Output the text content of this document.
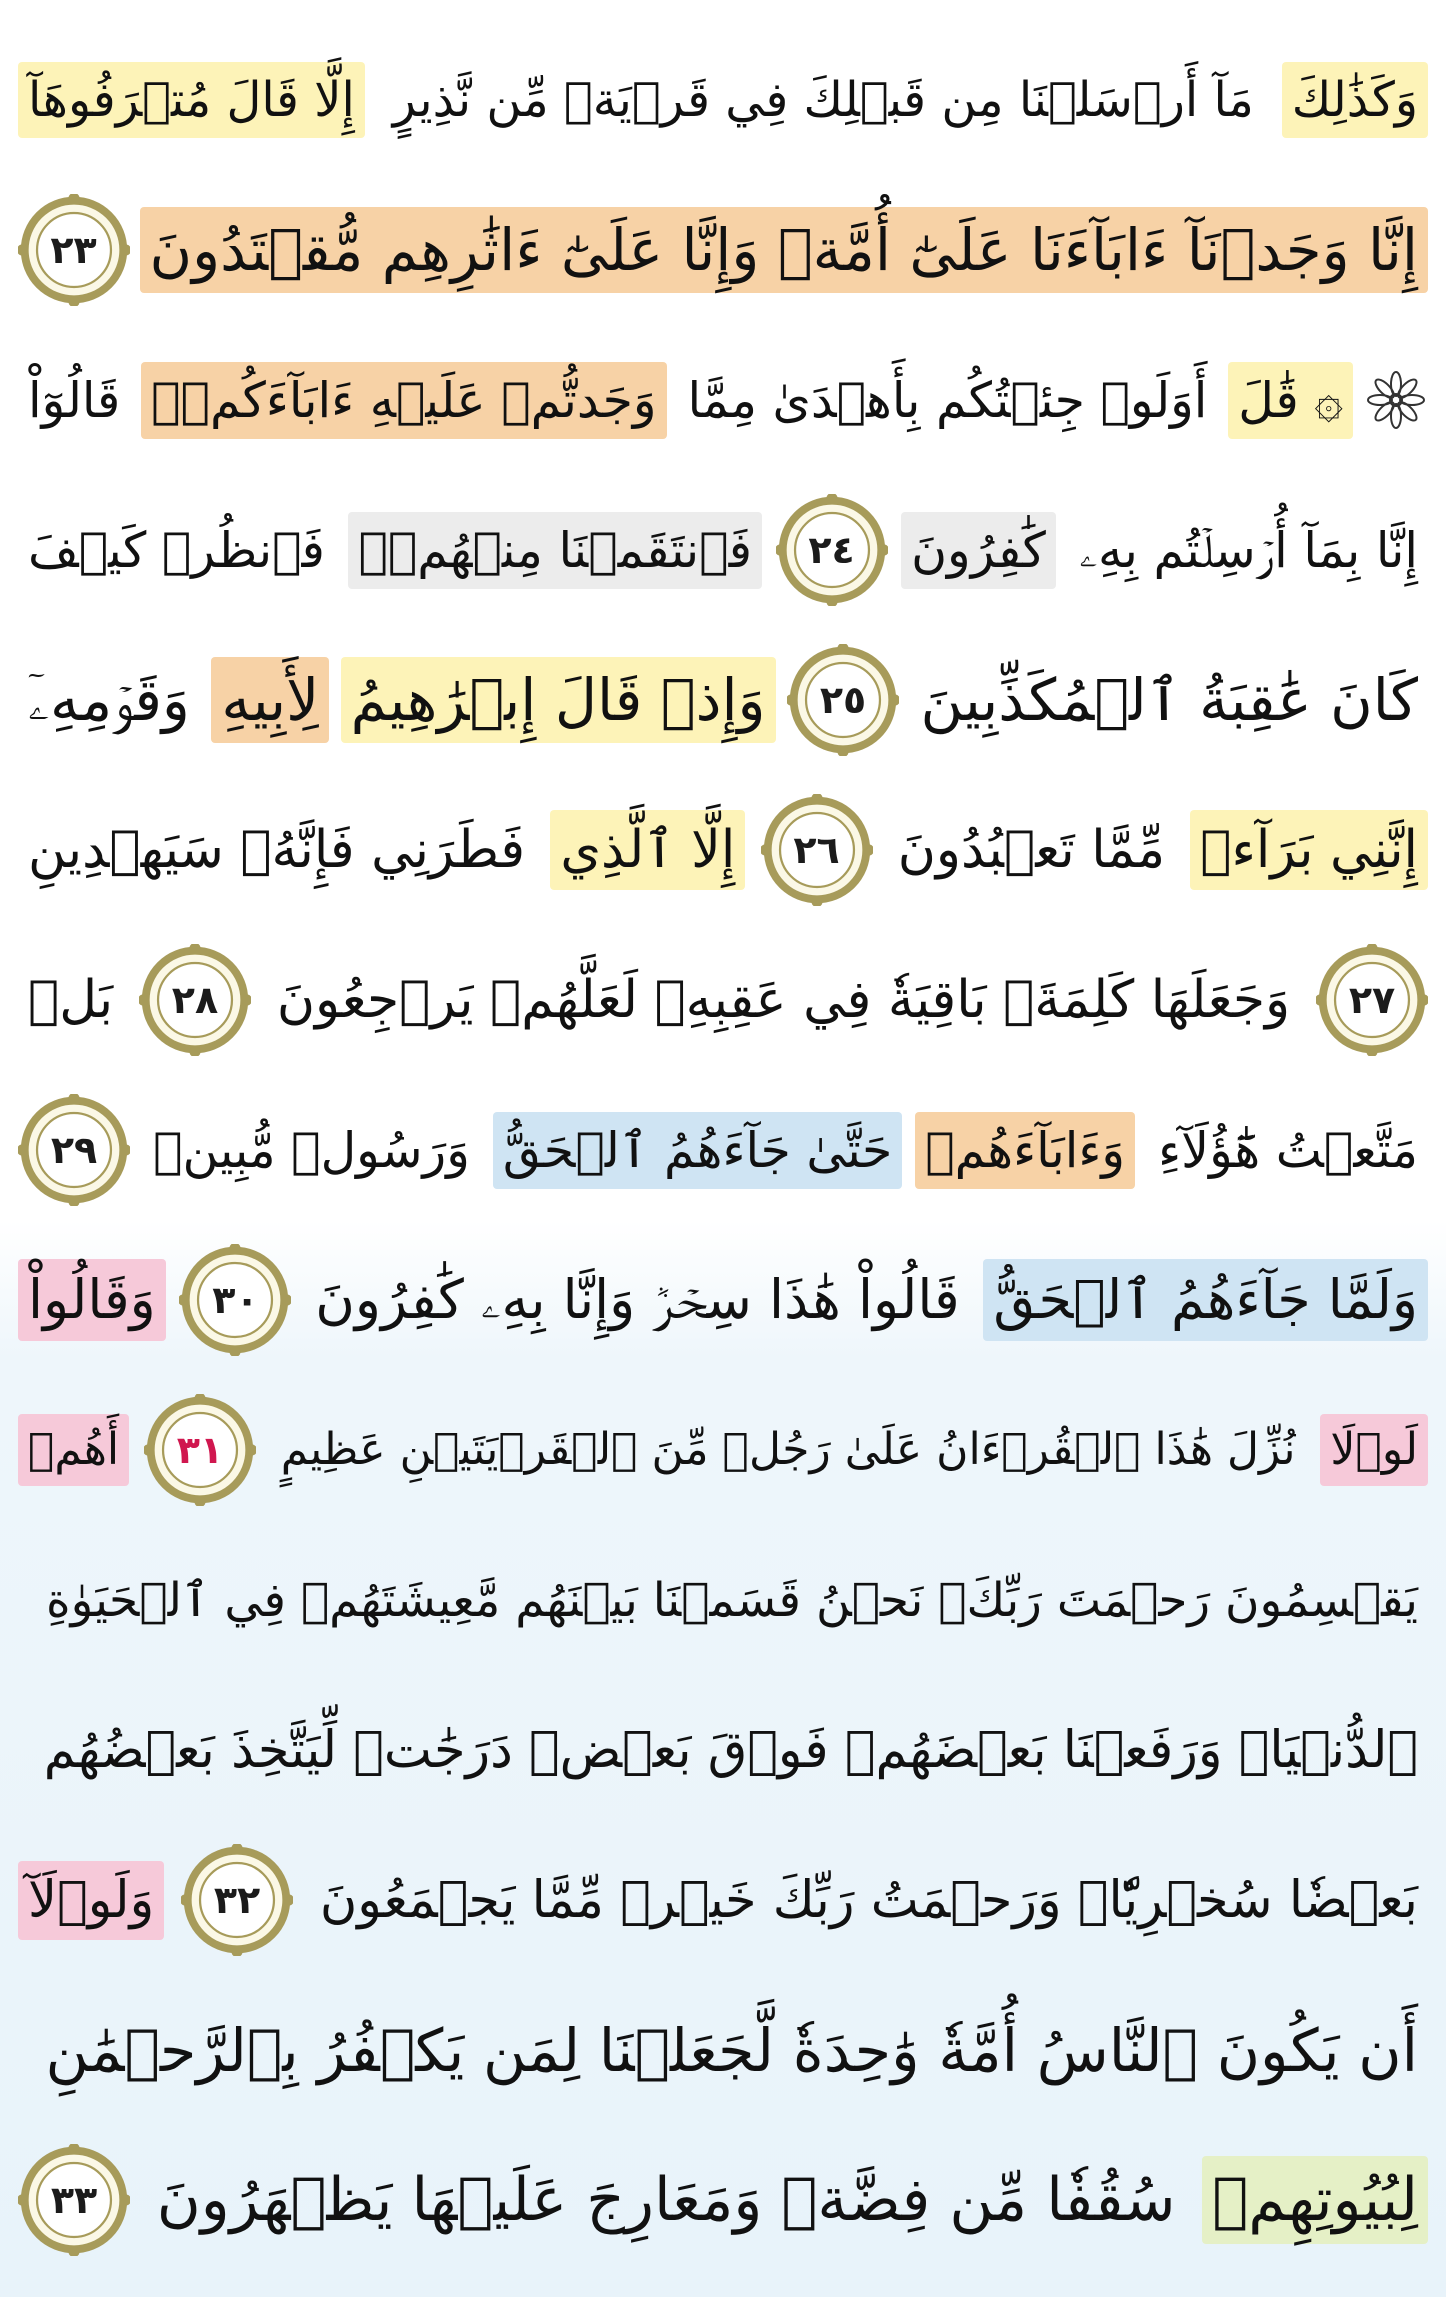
وَكَذَٰلِكَ
مَآ أَرۡسَلۡنَا مِن قَبۡلِكَ فِي قَرۡيَةٖ مِّن نَّذِيرٍ
إِلَّا قَالَ مُتۡرَفُوهَآ
إِنَّا وَجَدۡنَآ ءَابَآءَنَا عَلَىٰٓ أُمَّةٖ وَإِنَّا عَلَىٰٓ ءَاثَٰرِهِم مُّقۡتَدُونَ
٢٣
۞ قَٰلَ
أَوَلَوۡ جِئۡتُكُم بِأَهۡدَىٰ مِمَّا
وَجَدتُّمۡ عَلَيۡهِ ءَابَآءَكُمۡۖ
قَالُوٓاْ
إِنَّا بِمَآ أُرۡسِلۡتُم بِهِۦ
كَٰفِرُونَ
٢٤
فَٱنتَقَمۡنَا مِنۡهُمۡۖ
فَٱنظُرۡ كَيۡفَ
كَانَ عَٰقِبَةُ ٱلۡمُكَذِّبِينَ
٢٥
وَإِذۡ قَالَ إِبۡرَٰهِيمُ
لِأَبِيهِ
وَقَوۡمِهِۦٓ
إِنَّنِي بَرَآءٞ
مِّمَّا تَعۡبُدُونَ
٢٦
إِلَّا ٱلَّذِي
فَطَرَنِي فَإِنَّهُۥ سَيَهۡدِينِ
٢٧
وَجَعَلَهَا كَلِمَةَۢ بَاقِيَةٗ فِي عَقِبِهِۦ لَعَلَّهُمۡ يَرۡجِعُونَ
٢٨
بَلۡ
مَتَّعۡتُ هَٰٓؤُلَآءِ
وَءَابَآءَهُمۡ
حَتَّىٰ جَآءَهُمُ ٱلۡحَقُّ
وَرَسُولٞ مُّبِينٞ
٢٩
وَلَمَّا جَآءَهُمُ ٱلۡحَقُّ
قَالُواْ هَٰذَا سِحۡرٞ وَإِنَّا بِهِۦ كَٰفِرُونَ
٣٠
وَقَالُواْ
لَوۡلَا
نُزِّلَ هَٰذَا ٱلۡقُرۡءَانُ عَلَىٰ رَجُلٖ مِّنَ ٱلۡقَرۡيَتَيۡنِ عَظِيمٍ
٣١
أَهُمۡ
يَقۡسِمُونَ رَحۡمَتَ رَبِّكَۚ نَحۡنُ قَسَمۡنَا بَيۡنَهُم مَّعِيشَتَهُمۡ فِي ٱلۡحَيَوٰةِ
ٱلدُّنۡيَاۚ وَرَفَعۡنَا بَعۡضَهُمۡ فَوۡقَ بَعۡضٖ دَرَجَٰتٖ لِّيَتَّخِذَ بَعۡضُهُم
بَعۡضٗا سُخۡرِيّٗاۗ وَرَحۡمَتُ رَبِّكَ خَيۡرٞ مِّمَّا يَجۡمَعُونَ
٣٢
وَلَوۡلَآ
أَن يَكُونَ ٱلنَّاسُ أُمَّةٗ وَٰحِدَةٗ لَّجَعَلۡنَا لِمَن يَكۡفُرُ بِٱلرَّحۡمَٰنِ
لِبُيُوتِهِمۡ
سُقُفٗا مِّن فِضَّةٖ وَمَعَارِجَ عَلَيۡهَا يَظۡهَرُونَ
٣٣
